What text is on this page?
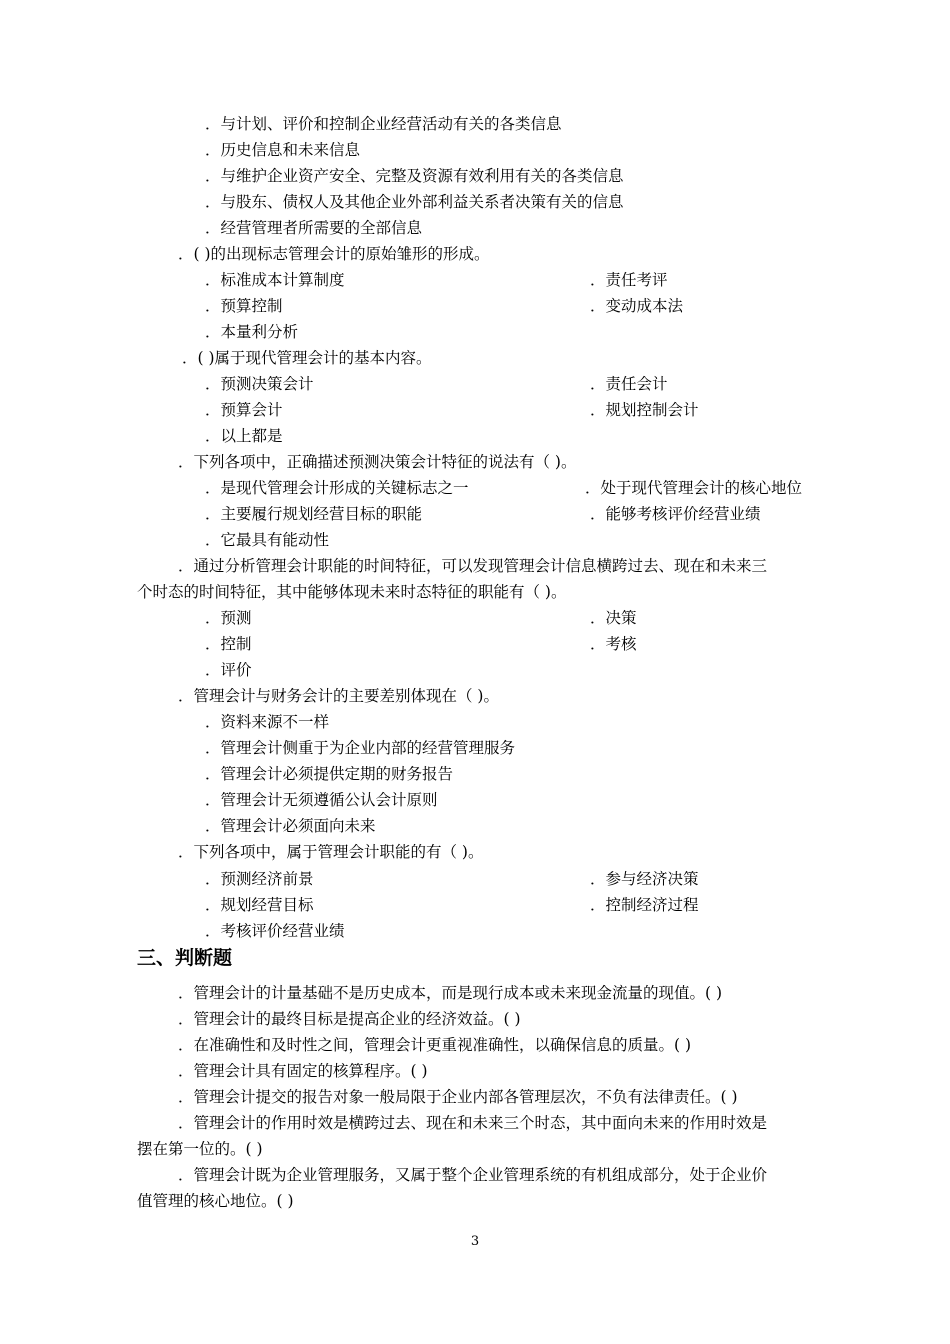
．与计划、评价和控制企业经营活动有关的各类信息
．历史信息和未来信息
．与维护企业资产安全、完整及资源有效利用有关的各类信息
．与股东、债权人及其他企业外部利益关系者决策有关的信息
．经营管理者所需要的全部信息
．( )的出现标志管理会计的原始雏形的形成。
．标准成本计算制度	．责任考评
．预算控制	．变动成本法
．本量利分析
．( )属于现代管理会计的基本内容。
．预测决策会计	．责任会计
．预算会计	．规划控制会计
．以上都是
．下列各项中，正确描述预测决策会计特征的说法有（ )。
．是现代管理会计形成的关键标志之一	．处于现代管理会计的核心地位
．主要履行规划经营目标的职能	．能够考核评价经营业绩
．它最具有能动性
．通过分析管理会计职能的时间特征，可以发现管理会计信息横跨过去、现在和未来三
个时态的时间特征，其中能够体现未来时态特征的职能有（ )。
．预测	．决策
．控制	．考核
．评价
．管理会计与财务会计的主要差别体现在（ )。
．资料来源不一样
．管理会计侧重于为企业内部的经营管理服务
．管理会计必须提供定期的财务报告
．管理会计无须遵循公认会计原则
．管理会计必须面向未来
．下列各项中，属于管理会计职能的有（ )。
．预测经济前景	．参与经济决策
．规划经营目标	．控制经济过程
．考核评价经营业绩
三、判断题
．管理会计的计量基础不是历史成本，而是现行成本或未来现金流量的现值。( )
．管理会计的最终目标是提高企业的经济效益。( )
．在准确性和及时性之间，管理会计更重视准确性，以确保信息的质量。( )
．管理会计具有固定的核算程序。( )
．管理会计提交的报告对象一般局限于企业内部各管理层次，不负有法律责任。( )
．管理会计的作用时效是横跨过去、现在和未来三个时态，其中面向未来的作用时效是
摆在第一位的。( )
．管理会计既为企业管理服务，又属于整个企业管理系统的有机组成部分，处于企业价
值管理的核心地位。( )
3
